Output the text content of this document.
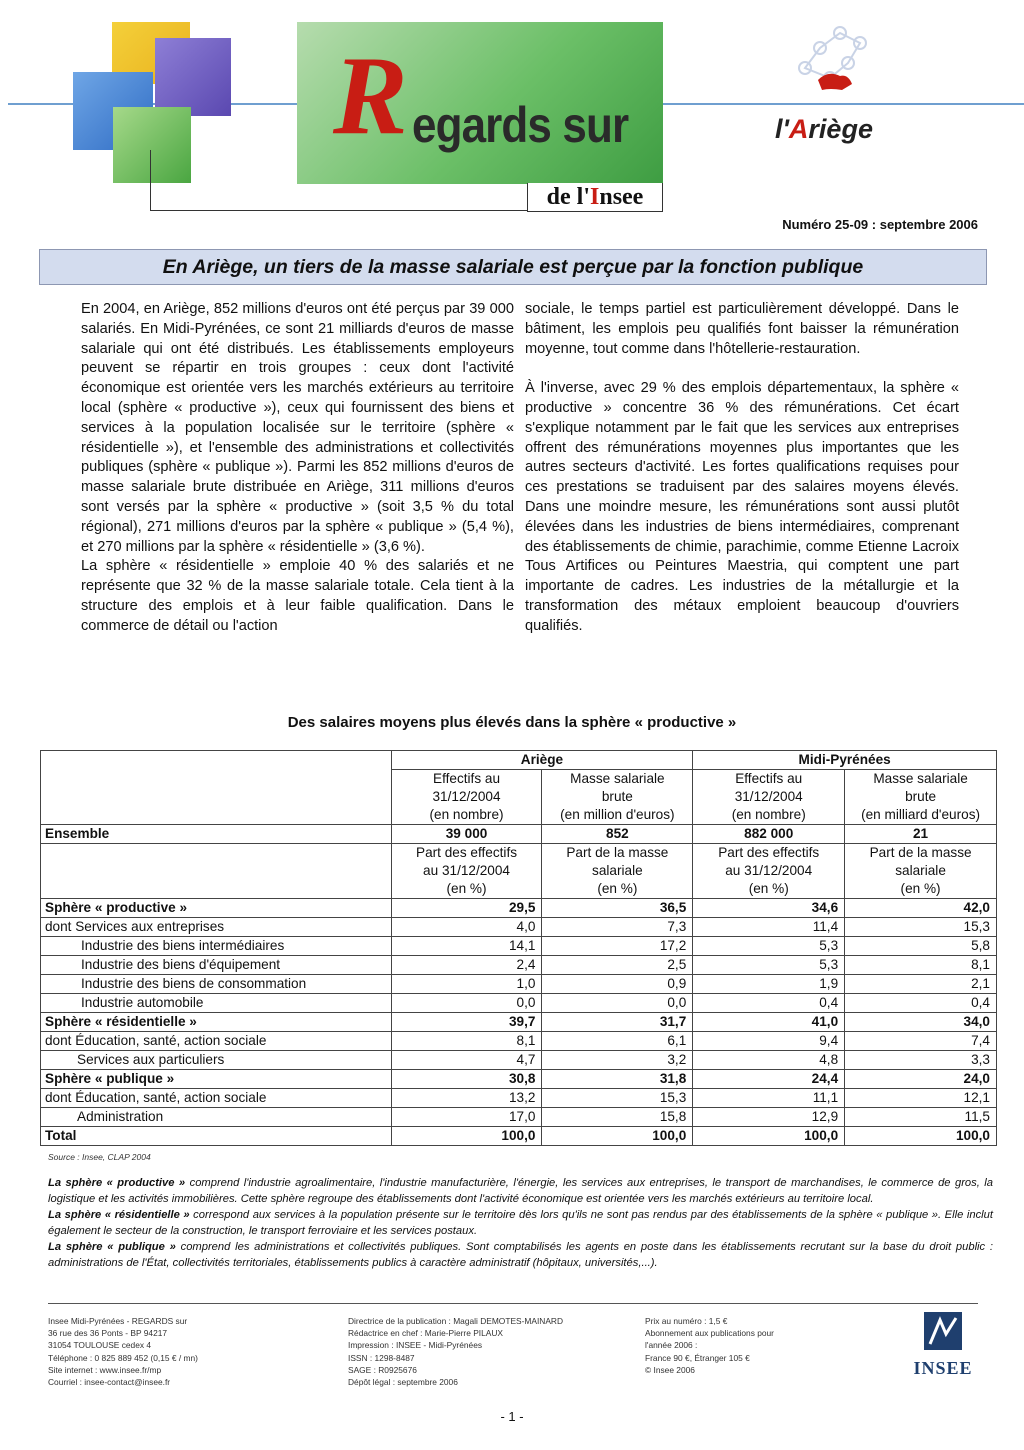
R egards sur
de l' I nsee
l'Ariège
Numéro 25-09 : septembre 2006
En Ariège, un tiers de la masse salariale est perçue par la fonction publique

En 2004, en Ariège, 852 millions d'euros ont été perçus par 39 000 salariés. En Midi-Pyrénées, ce sont 21 milliards d'euros de masse salariale qui ont été distribués. Les établissements employeurs peuvent se répartir en trois groupes : ceux dont l'activité économique est orientée vers les marchés extérieurs au territoire local (sphère « productive »), ceux qui fournissent des biens et services à la population localisée sur le territoire (sphère « résidentielle »), et l'ensemble des administrations et collectivités publiques (sphère « publique »). Parmi les 852 millions d'euros de masse salariale brute distribuée en Ariège, 311 millions d'euros sont versés par la sphère « productive » (soit 3,5 % du total régional), 271 millions d'euros par la sphère « publique » (5,4 %), et 270 millions par la sphère « résidentielle » (3,6 %).

La sphère « résidentielle » emploie 40 % des salariés et ne représente que 32 % de la masse salariale totale. Cela tient à la structure des emplois et à leur faible qualification. Dans le commerce de détail ou l'action

sociale, le temps partiel est particulièrement développé. Dans le bâtiment, les emplois peu qualifiés font baisser la rémunération moyenne, tout comme dans l'hôtellerie-restauration.

À l'inverse, avec 29 % des emplois départementaux, la sphère « productive » concentre 36 % des rémunérations. Cet écart s'explique notamment par le fait que les services aux entreprises offrent des rémunérations moyennes plus importantes que les autres secteurs d'activité. Les fortes qualifications requises pour ces prestations se traduisent par des salaires moyens élevés. Dans une moindre mesure, les rémunérations sont aussi plutôt élevées dans les industries de biens intermédiaires, comprenant des établissements de chimie, parachimie, comme Etienne Lacroix Tous Artifices ou Peintures Maestria, qui comptent une part importante de cadres. Les industries de la métallurgie et la transformation des métaux emploient beaucoup d'ouvriers qualifiés.

Des salaires moyens plus élevés dans la sphère « productive »
	Ariège		Midi-Pyrénées	
	Effectifs au
31/12/2004
(en nombre)	Masse salariale
brute
(en million d'euros)	Effectifs au
31/12/2004
(en nombre)	Masse salariale
brute
(en milliard d'euros)
Ensemble	39 000	852	882 000	21
	Part des effectifs
au 31/12/2004
(en %)	Part de la masse
salariale
(en %)	Part des effectifs
au 31/12/2004
(en %)	Part de la masse
salariale
(en %)
Sphère « productive »	29,5	36,5	34,6	42,0
dont Services aux entreprises	4,0	7,3	11,4	15,3
Industrie des biens intermédiaires	14,1	17,2	5,3	5,8
Industrie des biens d'équipement	2,4	2,5	5,3	8,1
Industrie des biens de consommation	1,0	0,9	1,9	2,1
Industrie automobile	0,0	0,0	0,4	0,4
Sphère « résidentielle »	39,7	31,7	41,0	34,0
dont Éducation, santé, action sociale	8,1	6,1	9,4	7,4
Services aux particuliers	4,7	3,2	4,8	3,3
Sphère « publique »	30,8	31,8	24,4	24,0
dont Éducation, santé, action sociale	13,2	15,3	11,1	12,1
Administration	17,0	15,8	12,9	11,5
Total	100,0	100,0	100,0	100,0
Source : Insee, CLAP 2004

La sphère « productive » comprend l'industrie agroalimentaire, l'industrie manufacturière, l'énergie, les services aux entreprises, le transport de marchandises, le commerce de gros, la logistique et les activités immobilières. Cette sphère regroupe des établissements dont l'activité économique est orientée vers les marchés extérieurs au territoire local.

La sphère « résidentielle » correspond aux services à la population présente sur le territoire dès lors qu'ils ne sont pas rendus par des établissements de la sphère « publique ». Elle inclut également le secteur de la construction, le transport ferroviaire et les services postaux.

La sphère « publique » comprend les administrations et collectivités publiques. Sont comptabilisés les agents en poste dans les établissements recrutant sur la base du droit public : administrations de l'État, collectivités territoriales, établissements publics à caractère administratif (hôpitaux, universités,...).

Insee Midi-Pyrénées - REGARDS sur
36 rue des 36 Ponts - BP 94217
31054 TOULOUSE cedex 4
Téléphone : 0 825 889 452 (0,15 € / mn)
Site internet : www.insee.fr/mp
Courriel : insee-contact@insee.fr
Directrice de la publication : Magali DEMOTES-MAINARD
Rédactrice en chef : Marie-Pierre PILAUX
Impression : INSEE - Midi-Pyrénées
ISSN : 1298-8487
SAGE : R0925676
Dépôt légal : septembre 2006
Prix au numéro : 1,5 €
Abonnement aux publications pour
l'année 2006 :
France 90 €, Étranger 105 €
© Insee 2006	INSEE
- 1 -
